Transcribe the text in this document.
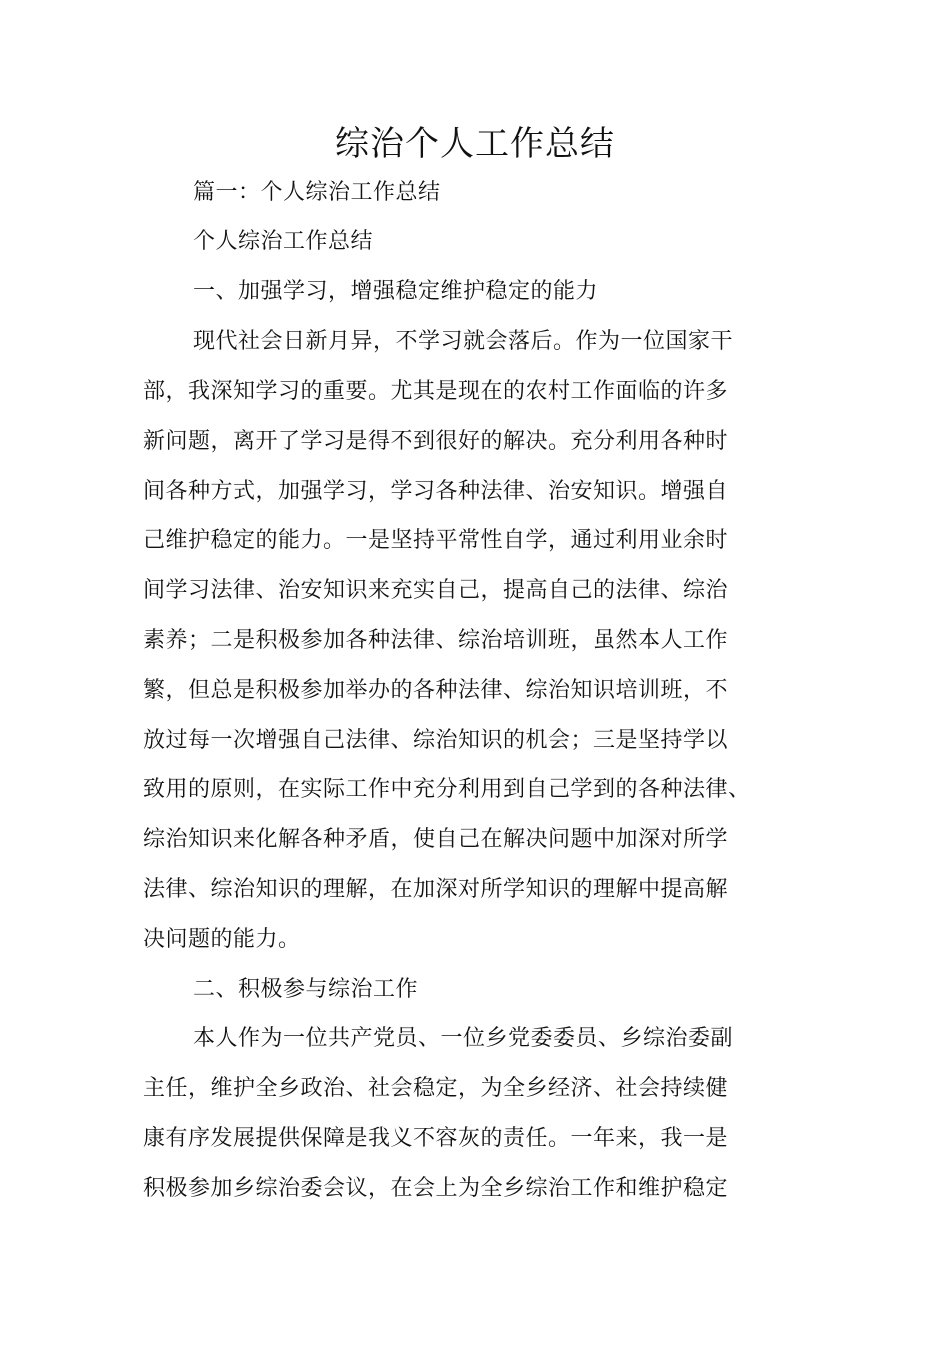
综治个人工作总结

篇一：个人综治工作总结

个人综治工作总结

一、加强学习，增强稳定维护稳定的能力

现代社会日新月异，不学习就会落后。作为一位国家干

部，我深知学习的重要。尤其是现在的农村工作面临的许多

新问题，离开了学习是得不到很好的解决。充分利用各种时

间各种方式，加强学习，学习各种法律、治安知识。增强自

己维护稳定的能力。一是坚持平常性自学，通过利用业余时

间学习法律、治安知识来充实自己，提高自己的法律、综治

素养；二是积极参加各种法律、综治培训班，虽然本人工作

繁，但总是积极参加举办的各种法律、综治知识培训班，不

放过每一次增强自己法律、综治知识的机会；三是坚持学以

致用的原则，在实际工作中充分利用到自己学到的各种法律、

综治知识来化解各种矛盾，使自己在解决问题中加深对所学

法律、综治知识的理解，在加深对所学知识的理解中提高解

决问题的能力。

二、积极参与综治工作

本人作为一位共产党员、一位乡党委委员、乡综治委副

主任，维护全乡政治、社会稳定，为全乡经济、社会持续健

康有序发展提供保障是我义不容灰的责任。一年来，我一是

积极参加乡综治委会议，在会上为全乡综治工作和维护稳定
